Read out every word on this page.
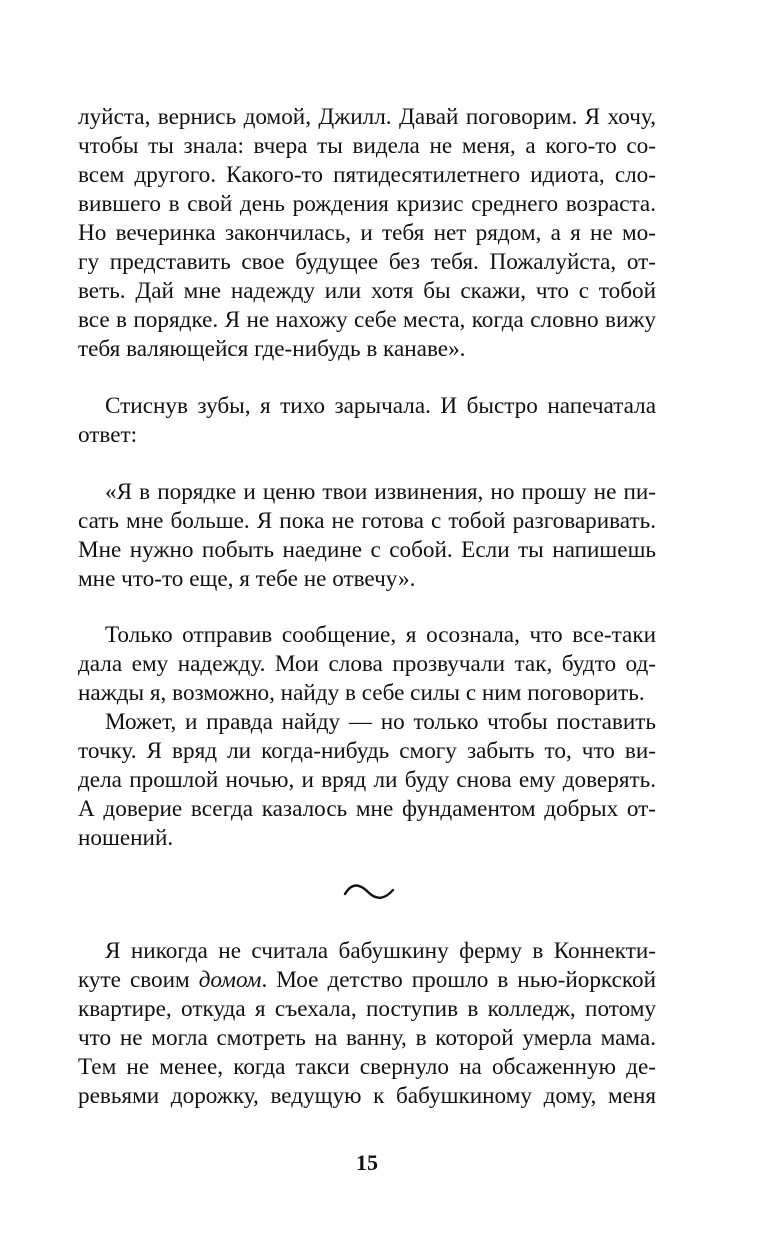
луйста, вернись домой, Джилл. Давай поговорим. Я хочу,
чтобы ты знала: вчера ты видела не меня, а кого-то со-
всем другого. Какого-то пятидесятилетнего идиота, сло-
вившего в свой день рождения кризис среднего возраста.
Но вечеринка закончилась, и тебя нет рядом, а я не мо-
гу представить свое будущее без тебя. Пожалуйста, от-
веть. Дай мне надежду или хотя бы скажи, что с тобой
все в порядке. Я не нахожу себе места, когда словно вижу
тебя валяющейся где-нибудь в канаве».
Стиснув зубы, я тихо зарычала. И быстро напечатала
ответ:
«Я в порядке и ценю твои извинения, но прошу не пи-
сать мне больше. Я пока не готова с тобой разговаривать.
Мне нужно побыть наедине с собой. Если ты напишешь
мне что-то еще, я тебе не отвечу».
Только отправив сообщение, я осознала, что все-таки
дала ему надежду. Мои слова прозвучали так, будто од-
нажды я, возможно, найду в себе силы с ним поговорить.
Может, и правда найду — но только чтобы поставить
точку. Я вряд ли когда-нибудь смогу забыть то, что ви-
дела прошлой ночью, и вряд ли буду снова ему доверять.
А доверие всегда казалось мне фундаментом добрых от-
ношений.
Я никогда не считала бабушкину ферму в Коннекти-
куте своим домом. Мое детство прошло в нью-йоркской
квартире, откуда я съехала, поступив в колледж, потому
что не могла смотреть на ванну, в которой умерла мама.
Тем не менее, когда такси свернуло на обсаженную де-
ревьями дорожку, ведущую к бабушкиному дому, меня
15
